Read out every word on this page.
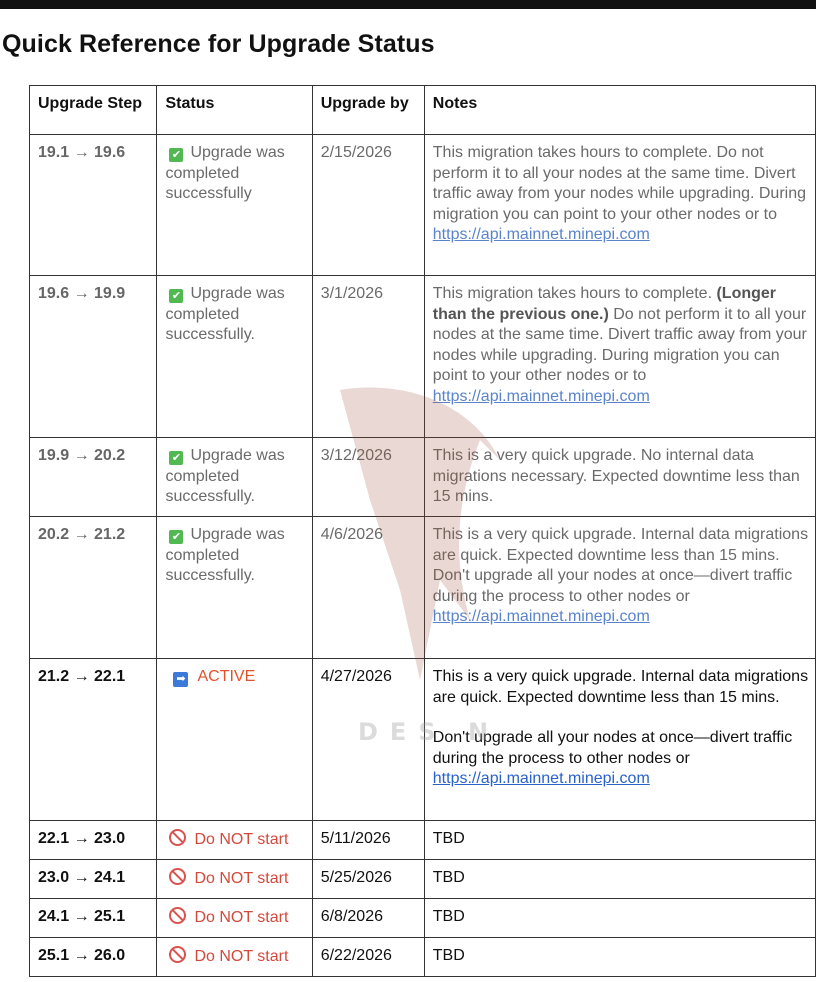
Quick Reference for Upgrade Status
Upgrade Step	Status	Upgrade by	Notes
19.1 → 19.6	✔ Upgrade was completed successfully	2/15/2026	This migration takes hours to complete. Do not perform it to all your nodes at the same time. Divert traffic away from your nodes while upgrading. During migration you can point to your other nodes or to https://api.mainnet.minepi.com
19.6 → 19.9	✔ Upgrade was completed successfully.	3/1/2026	This migration takes hours to complete. (Longer than the previous one.) Do not perform it to all your nodes at the same time. Divert traffic away from your nodes while upgrading. During migration you can point to your other nodes or to https://api.mainnet.minepi.com
19.9 → 20.2	✔ Upgrade was completed successfully.	3/12/2026	This is a very quick upgrade. No internal data migrations necessary. Expected downtime less than 15 mins.
20.2 → 21.2	✔ Upgrade was completed successfully.	4/6/2026	This is a very quick upgrade. Internal data migrations are quick. Expected downtime less than 15 mins. Don't upgrade all your nodes at once—divert traffic during the process to other nodes or https://api.mainnet.minepi.com
21.2 → 22.1	➡ ACTIVE	4/27/2026	This is a very quick upgrade. Internal data migrations are quick. Expected downtime less than 15 mins.
Don't upgrade all your nodes at once—divert traffic during the process to other nodes or https://api.mainnet.minepi.com
22.1 → 23.0	Do NOT start	5/11/2026	TBD
23.0 → 24.1	Do NOT start	5/25/2026	TBD
24.1 → 25.1	Do NOT start	6/8/2026	TBD
25.1 → 26.0	Do NOT start	6/22/2026	TBD
DES N
